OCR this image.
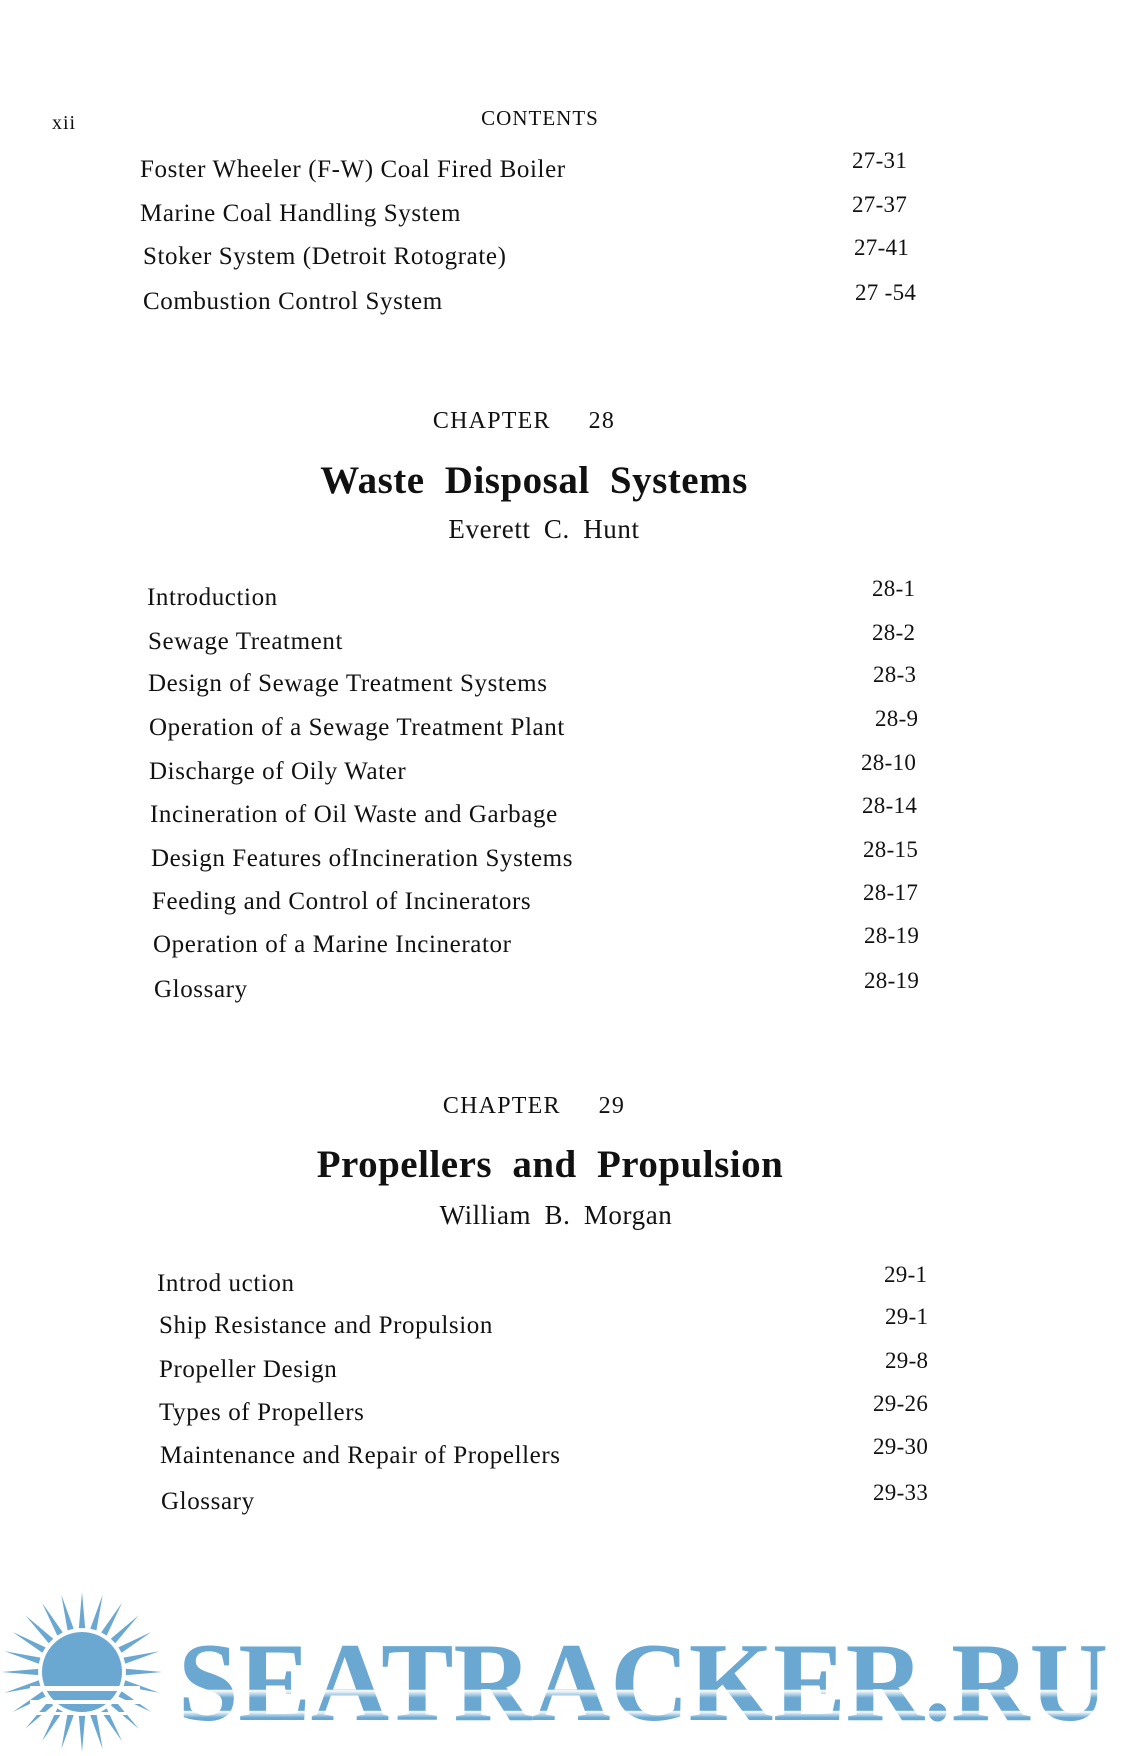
xii	CONTENTS
Foster Wheeler (F-W) Coal Fired Boiler	27-31
Marine Coal Handling System	27-37
Stoker System (Detroit Rotograte)	27-41
Combustion Control System	27 -54
CHAPTER 28
Waste Disposal Systems
Everett C. Hunt
Introduction	28-1
Sewage Treatment	28-2
Design of Sewage Treatment Systems	28-3
Operation of a Sewage Treatment Plant	28-9
Discharge of Oily Water	28-10
Incineration of Oil Waste and Garbage	28-14
Design Features ofIncineration Systems	28-15
Feeding and Control of Incinerators	28-17
Operation of a Marine Incinerator	28-19
Glossary	28-19
CHAPTER 29
Propellers and Propulsion
William B. Morgan
Introd uction	29-1
Ship Resistance and Propulsion	29-1
Propeller Design	29-8
Types of Propellers	29-26
Maintenance and Repair of Propellers	29-30
Glossary	29-33
SEATRACKER.RU
